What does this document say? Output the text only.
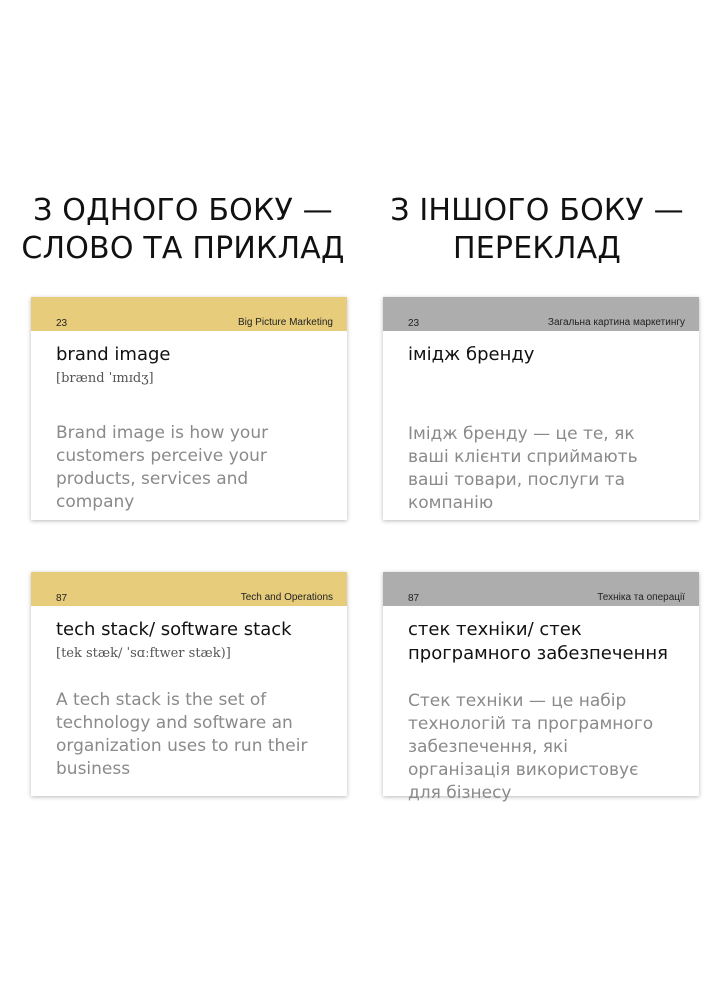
З ОДНОГО БОКУ — СЛОВО ТА ПРИКЛАД
З ІНШОГО БОКУ — ПЕРЕКЛАД
23	Big Picture Marketing
brand image
[brænd ˈɪmɪdʒ]
Brand image is how your customers perceive your products, services and company
23	Загальна картина маркетингу
імідж бренду
Імідж бренду — це те, як ваші клієнти сприймають ваші товари, послуги та компанію
87	Tech and Operations
tech stack/ software stack
[tek stæk/ ˈsɑːftwer stæk)]
A tech stack is the set of technology and software an organization uses to run their business
87	Техніка та операції
стек техніки/ стек програмного забезпечення
Стек техніки — це набір технологій та програмного забезпечення, які організація використовує для бізнесу
